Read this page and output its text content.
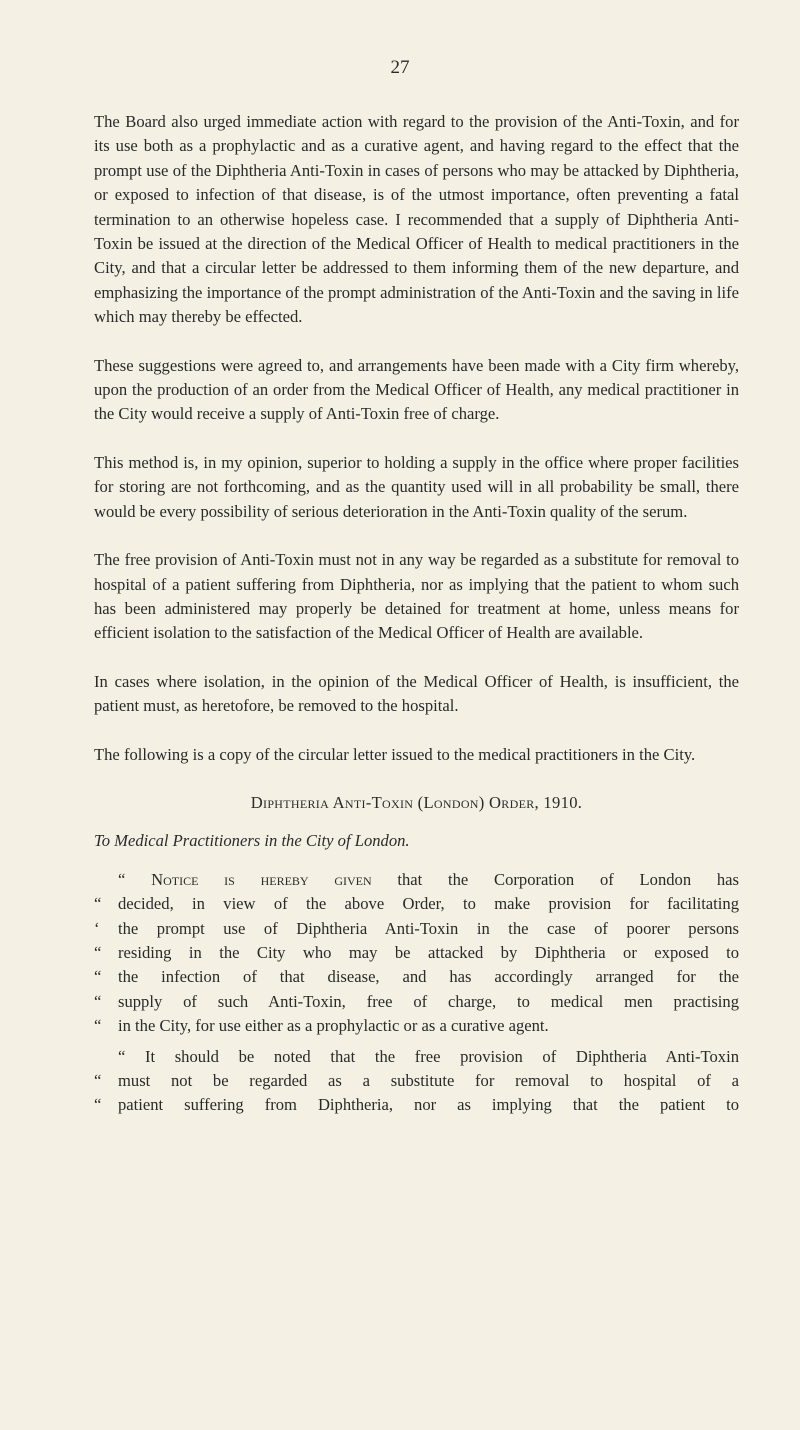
27

The Board also urged immediate action with regard to the provision of the Anti-Toxin, and for its use both as a prophylactic and as a curative agent, and having regard to the effect that the prompt use of the Diphtheria Anti-Toxin in cases of persons who may be attacked by Diphtheria, or exposed to infection of that disease, is of the utmost importance, often preventing a fatal termination to an otherwise hopeless case. I recommended that a supply of Diphtheria Anti-Toxin be issued at the direction of the Medical Officer of Health to medical practitioners in the City, and that a circular letter be addressed to them informing them of the new departure, and emphasizing the importance of the prompt administration of the Anti-Toxin and the saving in life which may thereby be effected.

These suggestions were agreed to, and arrangements have been made with a City firm whereby, upon the production of an order from the Medical Officer of Health, any medical practitioner in the City would receive a supply of Anti-Toxin free of charge.

This method is, in my opinion, superior to holding a supply in the office where proper facilities for storing are not forthcoming, and as the quantity used will in all probability be small, there would be every possibility of serious deterioration in the Anti-Toxin quality of the serum.

The free provision of Anti-Toxin must not in any way be regarded as a substitute for removal to hospital of a patient suffering from Diphtheria, nor as implying that the patient to whom such has been administered may properly be detained for treatment at home, unless means for efficient isolation to the satisfaction of the Medical Officer of Health are available.

In cases where isolation, in the opinion of the Medical Officer of Health, is insufficient, the patient must, as heretofore, be removed to the hospital.

The following is a copy of the circular letter issued to the medical practitioners in the City.

Diphtheria Anti-Toxin (London) Order, 1910.
To Medical Practitioners in the City of London.
“ Notice is hereby given that the Corporation of London has
“	decided, in view of the above Order, to make provision for facilitating
‘	the prompt use of Diphtheria Anti-Toxin in the case of poorer persons
“	residing in the City who may be attacked by Diphtheria or exposed to
“	the infection of that disease, and has accordingly arranged for the
“	supply of such Anti-Toxin, free of charge, to medical men practising
“	in the City, for use either as a prophylactic or as a curative agent.
“ It should be noted that the free provision of Diphtheria Anti-Toxin
“	must not be regarded as a substitute for removal to hospital of a
“	patient suffering from Diphtheria, nor as implying that the patient to
